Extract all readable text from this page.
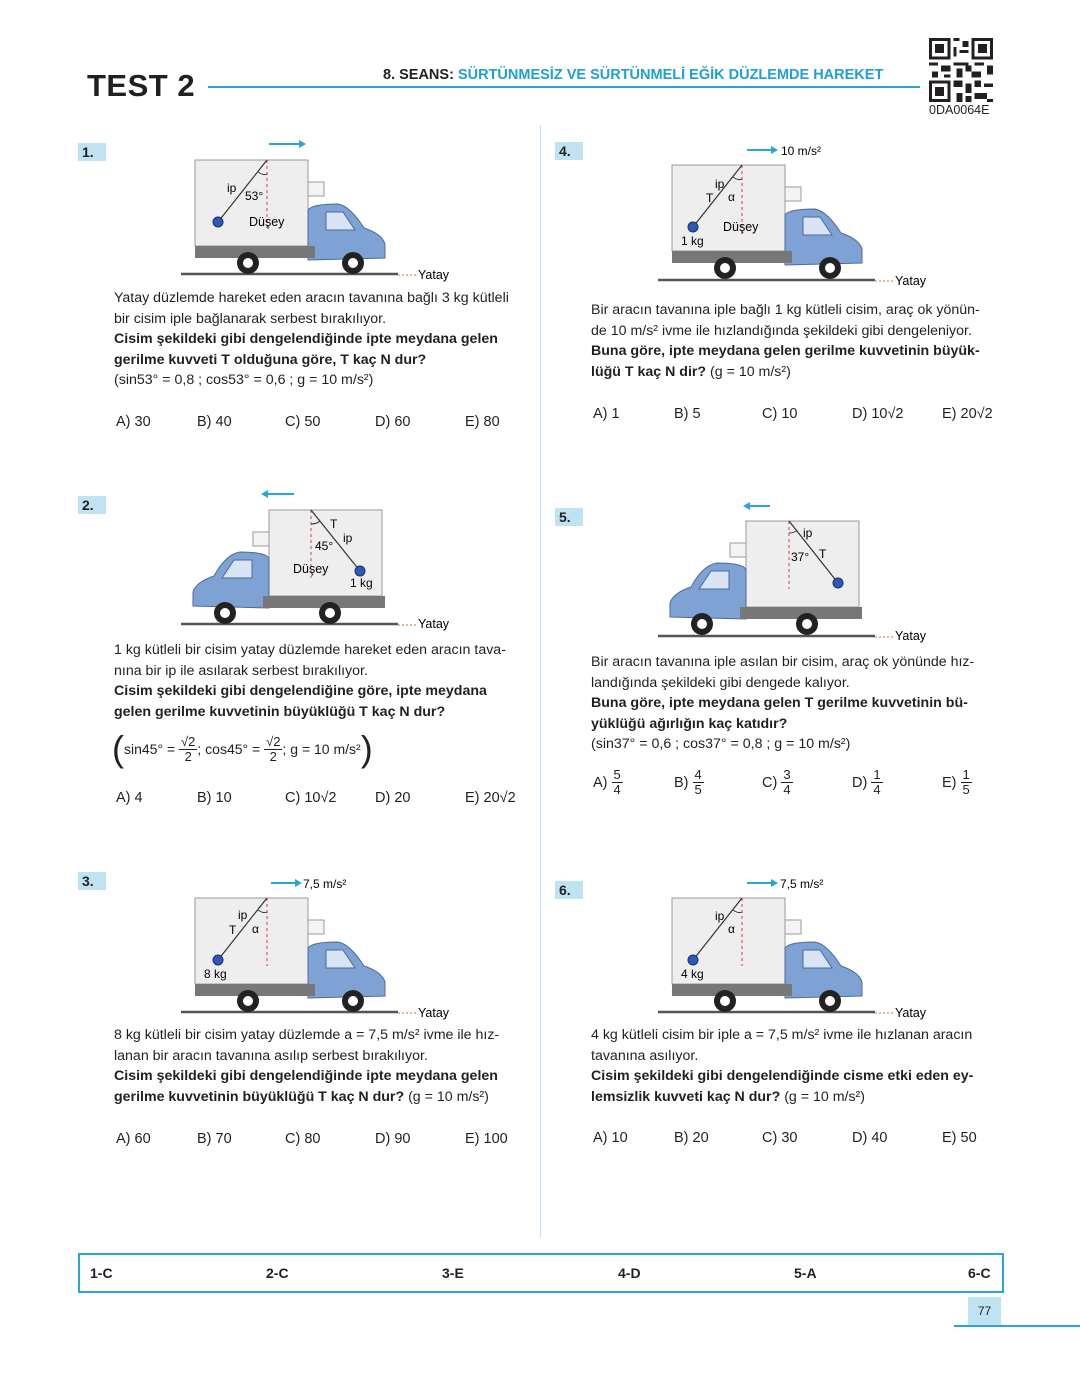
TEST 2	8. SEANS: SÜRTÜNMESİZ VE SÜRTÜNMELİ EĞİK DÜZLEMDE HAREKET
0DA0064E
1.
ip
53°
Düşey
Yatay
Yatay düzlemde hareket eden aracın tavanına bağlı 3 kg kütleli
bir cisim iple bağlanarak serbest bırakılıyor.
Cisim şekildeki gibi dengelendiğinde ipte meydana gelen
gerilme kuvveti T olduğuna göre, T kaç N dur?
(sin53° = 0,8 ; cos53° = 0,6 ; g = 10 m/s²)
A) 30	B) 40	C) 50	D) 60	E) 80
2.
T
ip
45°
Düşey
1 kg
Yatay
1 kg kütleli bir cisim yatay düzlemde hareket eden aracın tava-
nına bir ip ile asılarak serbest bırakılıyor.
Cisim şekildeki gibi dengelendiğine göre, ipte meydana
gelen gerilme kuvvetinin büyüklüğü T kaç N dur?
( sin45° =
$\frac{√2}{2}$ ; cos45° =
$\frac{√2}{2}$ ; g = 10 m/s² )
A) 4	B) 10	C) 10√2	D) 20	E) 20√2
3.	7,5 m/s²
ip
T α
8 kg
Yatay
8 kg kütleli bir cisim yatay düzlemde a = 7,5 m/s² ivme ile hız-
lanan bir aracın tavanına asılıp serbest bırakılıyor.
Cisim şekildeki gibi dengelendiğinde ipte meydana gelen
gerilme kuvvetinin büyüklüğü T kaç N dur? (g = 10 m/s²)
A) 60	B) 70	C) 80	D) 90	E) 100
4.	10 m/s²
ip
T α
Düşey
1 kg
Yatay
Bir aracın tavanına iple bağlı 1 kg kütleli cisim, araç ok yönün-
de 10 m/s² ivme ile hızlandığında şekildeki gibi dengeleniyor.
Buna göre, ipte meydana gelen gerilme kuvvetinin büyük-
lüğü T kaç N dir? (g = 10 m/s²)
A) 1	B) 5	C) 10	D) 10√2	E) 20√2
5.
ip
T
37°
Yatay
Bir aracın tavanına iple asılan bir cisim, araç ok yönünde hız-
landığında şekildeki gibi dengede kalıyor.
Buna göre, ipte meydana gelen T gerilme kuvvetinin bü-
yüklüğü ağırlığın kaç katıdır?
(sin37° = 0,6 ; cos37° = 0,8 ; g = 10 m/s²)
A)
$\frac{5}{4}$	B)
$\frac{4}{5}$	C)
$\frac{3}{4}$	D)
$\frac{1}{4}$	E)
$\frac{1}{5}$
6.	7,5 m/s²
ip
α
4 kg
Yatay
4 kg kütleli cisim bir iple a = 7,5 m/s² ivme ile hızlanan aracın
tavanına asılıyor.
Cisim şekildeki gibi dengelendiğinde cisme etki eden ey-
lemsizlik kuvveti kaç N dur? (g = 10 m/s²)
A) 10	B) 20	C) 30	D) 40	E) 50
1-C	2-C	3-E	4-D	5-A	6-C
77
